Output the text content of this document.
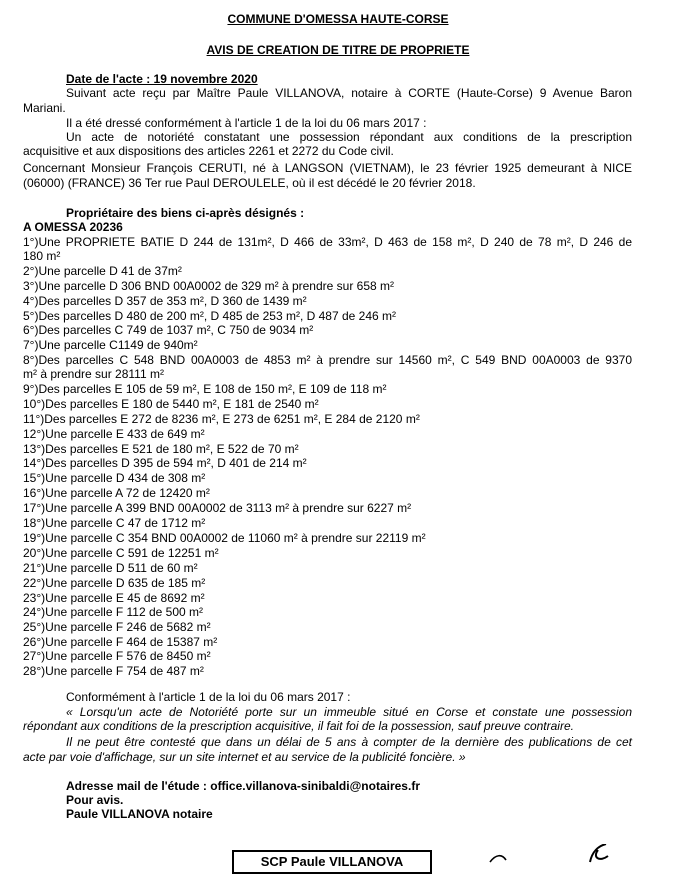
COMMUNE D'OMESSA HAUTE-CORSE
AVIS DE CREATION DE TITRE DE PROPRIETE
Date de l'acte : 19 novembre 2020
Suivant acte reçu par Maître Paule VILLANOVA, notaire à CORTE (Haute-Corse) 9 Avenue Baron
Mariani.
Il a été dressé conformément à l'article 1 de la loi du 06 mars 2017 :
Un acte de notoriété constatant une possession répondant aux conditions de la prescription
acquisitive et aux dispositions des articles 2261 et 2272 du Code civil.
Concernant Monsieur François CERUTI, né à LANGSON (VIETNAM), le 23 février 1925 demeurant à NICE
(06000) (FRANCE) 36 Ter rue Paul DEROULELE, où il est décédé le 20 février 2018.
Propriétaire des biens ci-après désignés :
A OMESSA 20236
1°)Une PROPRIETE BATIE D 244 de 131m², D 466 de 33m², D 463 de 158 m², D 240 de 78 m², D 246 de
180 m²
2°)Une parcelle D 41 de 37m²
3°)Une parcelle D 306 BND 00A0002 de 329 m² à prendre sur 658 m²
4°)Des parcelles D 357 de 353 m², D 360 de 1439 m²
5°)Des parcelles D 480 de 200 m², D 485 de 253 m², D 487 de 246 m²
6°)Des parcelles C 749 de 1037 m², C 750 de 9034 m²
7°)Une parcelle C1149 de 940m²
8°)Des parcelles C 548 BND 00A0003 de 4853 m² à prendre sur 14560 m², C 549 BND 00A0003 de 9370
m² à prendre sur 28111 m²
9°)Des parcelles E 105 de 59 m², E 108 de 150 m², E 109 de 118 m²
10°)Des parcelles E 180 de 5440 m², E 181 de 2540 m²
11°)Des parcelles E 272 de 8236 m², E 273 de 6251 m², E 284 de 2120 m²
12°)Une parcelle E 433 de 649 m²
13°)Des parcelles E 521 de 180 m², E 522 de 70 m²
14°)Des parcelles D 395 de 594 m², D 401 de 214 m²
15°)Une parcelle D 434 de 308 m²
16°)Une parcelle A 72 de 12420 m²
17°)Une parcelle A 399 BND 00A0002 de 3113 m² à prendre sur 6227 m²
18°)Une parcelle C 47 de 1712 m²
19°)Une parcelle C 354 BND 00A0002 de 11060 m² à prendre sur 22119 m²
20°)Une parcelle C 591 de 12251 m²
21°)Une parcelle D 511 de 60 m²
22°)Une parcelle D 635 de 185 m²
23°)Une parcelle E 45 de 8692 m²
24°)Une parcelle F 112 de 500 m²
25°)Une parcelle F 246 de 5682 m²
26°)Une parcelle F 464 de 15387 m²
27°)Une parcelle F 576 de 8450 m²
28°)Une parcelle F 754 de 487 m²
Conformément à l'article 1 de la loi du 06 mars 2017 :
« Lorsqu'un acte de Notoriété porte sur un immeuble situé en Corse et constate une possession
répondant aux conditions de la prescription acquisitive, il fait foi de la possession, sauf preuve contraire.
Il ne peut être contesté que dans un délai de 5 ans à compter de la dernière des publications de cet
acte par voie d'affichage, sur un site internet et au service de la publicité foncière. »
Adresse mail de l'étude : office.villanova-sinibaldi@notaires.fr
Pour avis.
Paule VILLANOVA notaire
SCP Paule VILLANOVA
